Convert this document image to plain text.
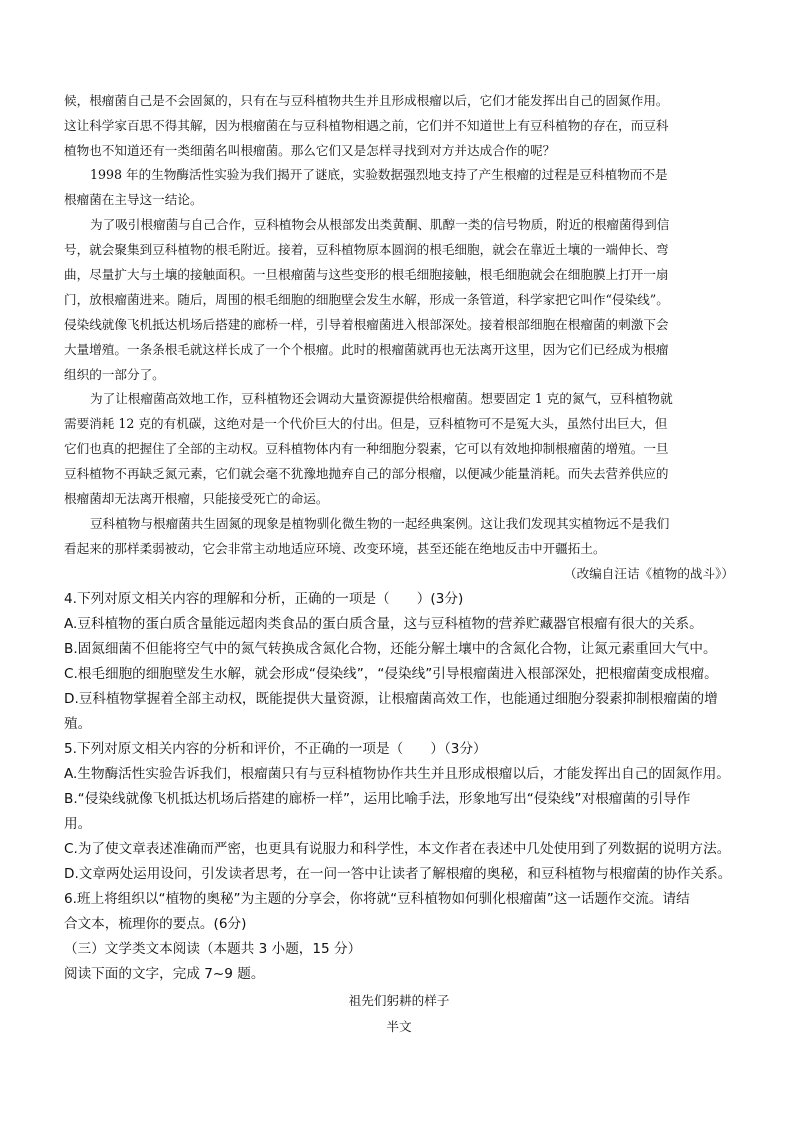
候，根瘤菌自己是不会固氮的，只有在与豆科植物共生并且形成根瘤以后，它们才能发挥出自己的固氮作用。
这让科学家百思不得其解，因为根瘤菌在与豆科植物相遇之前，它们并不知道世上有豆科植物的存在，而豆科
植物也不知道还有一类细菌名叫根瘤菌。那么它们又是怎样寻找到对方并达成合作的呢？
1998 年的生物酶活性实验为我们揭开了谜底，实验数据强烈地支持了产生根瘤的过程是豆科植物而不是
根瘤菌在主导这一结论。
为了吸引根瘤菌与自己合作，豆科植物会从根部发出类黄酮、肌醇一类的信号物质，附近的根瘤菌得到信
号，就会聚集到豆科植物的根毛附近。接着，豆科植物原本圆润的根毛细胞，就会在靠近土壤的一端伸长、弯
曲，尽量扩大与土壤的接触面积。一旦根瘤菌与这些变形的根毛细胞接触，根毛细胞就会在细胞膜上打开一扇
门，放根瘤菌进来。随后，周围的根毛细胞的细胞壁会发生水解，形成一条管道，科学家把它叫作“侵染线”。
侵染线就像飞机抵达机场后搭建的廊桥一样，引导着根瘤菌进入根部深处。接着根部细胞在根瘤菌的刺激下会
大量增殖。一条条根毛就这样长成了一个个根瘤。此时的根瘤菌就再也无法离开这里，因为它们已经成为根瘤
组织的一部分了。
为了让根瘤菌高效地工作，豆科植物还会调动大量资源提供给根瘤菌。想要固定 1 克的氮气，豆科植物就
需要消耗 12 克的有机碳，这绝对是一个代价巨大的付出。但是，豆科植物可不是冤大头，虽然付出巨大，但
它们也真的把握住了全部的主动权。豆科植物体内有一种细胞分裂素，它可以有效地抑制根瘤菌的增殖。一旦
豆科植物不再缺乏氮元素，它们就会毫不犹豫地抛弃自己的部分根瘤，以便减少能量消耗。而失去营养供应的
根瘤菌却无法离开根瘤，只能接受死亡的命运。
豆科植物与根瘤菌共生固氮的现象是植物驯化微生物的一起经典案例。这让我们发现其实植物远不是我们
看起来的那样柔弱被动，它会非常主动地适应环境、改变环境，甚至还能在绝地反击中开疆拓土。
（改编自汪诘《植物的战斗》）
4.下列对原文相关内容的理解和分析，正确的一项是（　　）(3分)
A.豆科植物的蛋白质含量能远超肉类食品的蛋白质含量，这与豆科植物的营养贮藏器官根瘤有很大的关系。
B.固氮细菌不但能将空气中的氮气转换成含氮化合物，还能分解土壤中的含氮化合物，让氮元素重回大气中。
C.根毛细胞的细胞壁发生水解，就会形成“侵染线”，“侵染线”引导根瘤菌进入根部深处，把根瘤菌变成根瘤。
D.豆科植物掌握着全部主动权，既能提供大量资源，让根瘤菌高效工作，也能通过细胞分裂素抑制根瘤菌的增
殖。
5.下列对原文相关内容的分析和评价，不正确的一项是（　　）（3分）
A.生物酶活性实验告诉我们，根瘤菌只有与豆科植物协作共生并且形成根瘤以后，才能发挥出自己的固氮作用。
B.“侵染线就像飞机抵达机场后搭建的廊桥一样”，运用比喻手法，形象地写出“侵染线”对根瘤菌的引导作
用。
C.为了使文章表述准确而严密，也更具有说服力和科学性，本文作者在表述中几处使用到了列数据的说明方法。
D.文章两处运用设问，引发读者思考，在一问一答中让读者了解根瘤的奥秘，和豆科植物与根瘤菌的协作关系。
6.班上将组织以“植物的奥秘”为主题的分享会，你将就“豆科植物如何驯化根瘤菌”这一话题作交流。请结
合文本，梳理你的要点。(6分)
（三）文学类文本阅读（本题共 3 小题，15 分）
阅读下面的文字，完成 7~9 题。
祖先们躬耕的样子
半文
